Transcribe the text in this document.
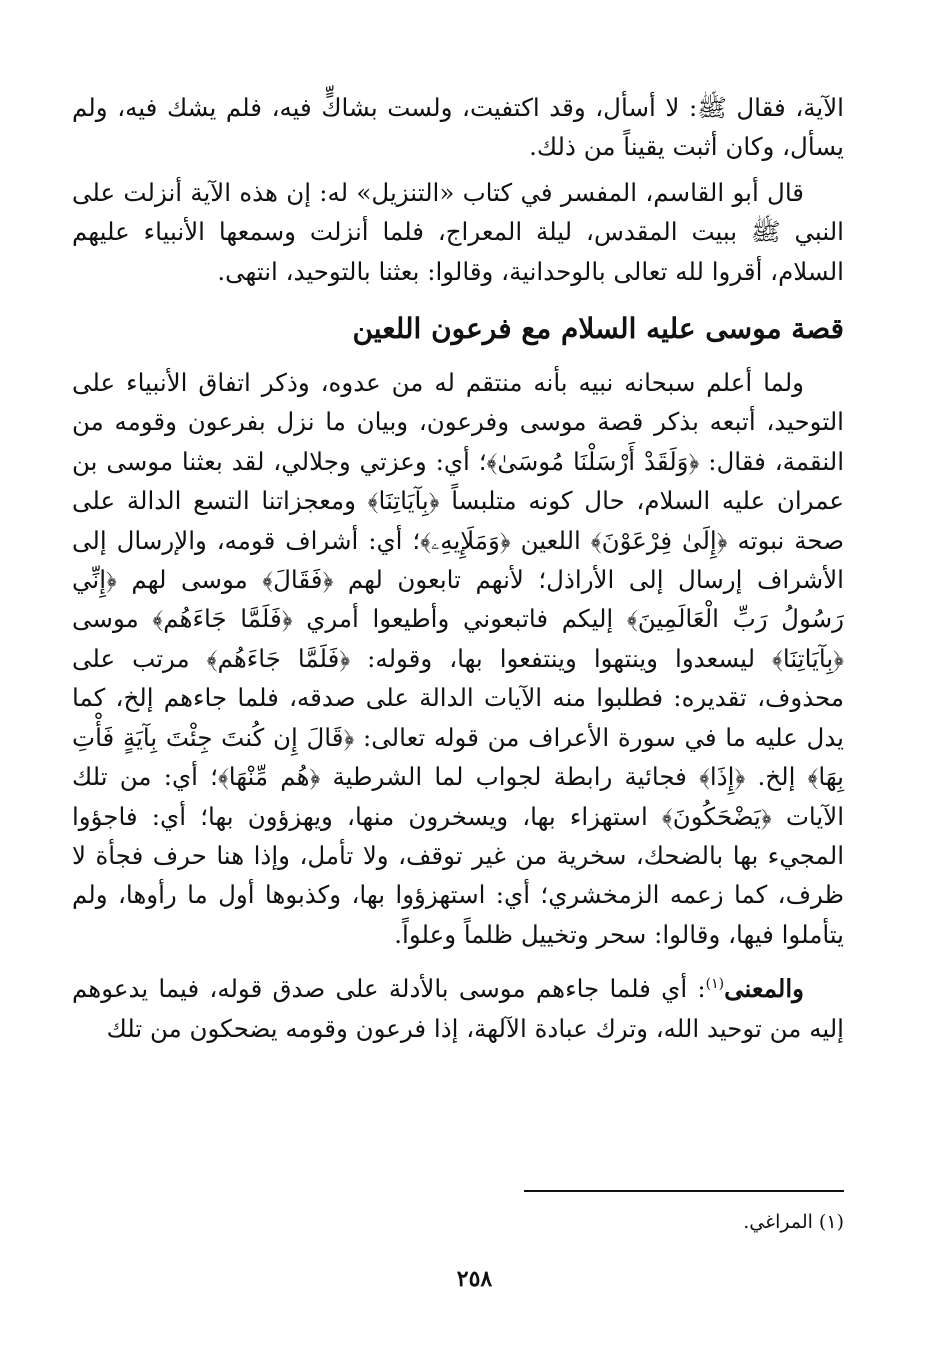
الآية، فقال ﷺ: لا أسأل، وقد اكتفيت، ولست بشاكٍّ فيه، فلم يشك فيه، ولم يسأل، وكان أثبت يقيناً من ذلك.

قال أبو القاسم، المفسر في كتاب «التنزيل» له: إن هذه الآية أنزلت على النبي ﷺ ببيت المقدس، ليلة المعراج، فلما أنزلت وسمعها الأنبياء عليهم السلام، أقروا لله تعالى بالوحدانية، وقالوا: بعثنا بالتوحيد، انتهى.

قصة موسى عليه السلام مع فرعون اللعين

ولما أعلم سبحانه نبيه بأنه منتقم له من عدوه، وذكر اتفاق الأنبياء على التوحيد، أتبعه بذكر قصة موسى وفرعون، وبيان ما نزل بفرعون وقومه من النقمة، فقال: ﴿وَلَقَدْ أَرْسَلْنَا مُوسَىٰ﴾؛ أي: وعزتي وجلالي، لقد بعثنا موسى بن عمران عليه السلام، حال كونه متلبساً ﴿بِآيَاتِنَا﴾ ومعجزاتنا التسع الدالة على صحة نبوته ﴿إِلَىٰ فِرْعَوْنَ﴾ اللعين ﴿وَمَلَإِيهِۦ﴾؛ أي: أشراف قومه، والإرسال إلى الأشراف إرسال إلى الأراذل؛ لأنهم تابعون لهم ﴿فَقَالَ﴾ موسى لهم ﴿إِنِّي رَسُولُ رَبِّ الْعَالَمِينَ﴾ إليكم فاتبعوني وأطيعوا أمري ﴿فَلَمَّا جَاءَهُم﴾ موسى ﴿بِآيَاتِنَا﴾ ليسعدوا وينتهوا وينتفعوا بها، وقوله: ﴿فَلَمَّا جَاءَهُم﴾ مرتب على محذوف، تقديره: فطلبوا منه الآيات الدالة على صدقه، فلما جاءهم إلخ، كما يدل عليه ما في سورة الأعراف من قوله تعالى: ﴿قَالَ إِن كُنتَ جِئْتَ بِآيَةٍ فَأْتِ بِهَا﴾ إلخ. ﴿إِذَا﴾ فجائية رابطة لجواب لما الشرطية ﴿هُم مِّنْهَا﴾؛ أي: من تلك الآيات ﴿يَضْحَكُونَ﴾ استهزاء بها، ويسخرون منها، ويهزؤون بها؛ أي: فاجؤوا المجيء بها بالضحك، سخرية من غير توقف، ولا تأمل، وإذا هنا حرف فجأة لا ظرف، كما زعمه الزمخشري؛ أي: استهزؤوا بها، وكذبوها أول ما رأوها، ولم يتأملوا فيها، وقالوا: سحر وتخييل ظلماً وعلواً.

والمعنى$^{(١)}$: أي فلما جاءهم موسى بالأدلة على صدق قوله، فيما يدعوهم إليه من توحيد الله، وترك عبادة الآلهة، إذا فرعون وقومه يضحكون من تلك

(١) المراغي.
٢٥٨
